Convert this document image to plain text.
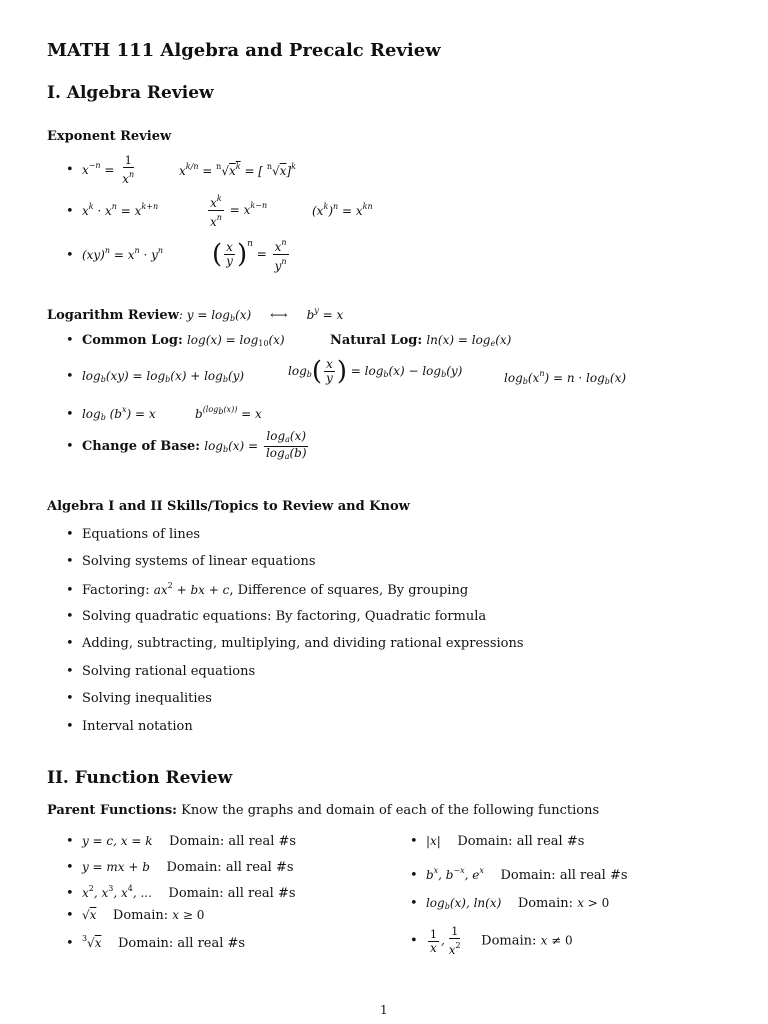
MATH 111 Algebra and Precalc Review
I. Algebra Review
Exponent Review
•  $x^{-n} = \frac{1}{x^n}$	$x^{k/n} = ^n√x^k$ = [ $^n$√x]$^k$
•  $x^k \cdot x^n = x^{k+n}$	$\frac{x^k}{x^n} = x^{k-n}$	$(x^k)^n = x^{kn}$
•  $(xy)^n = x^n \cdot y^n$ ( $\frac{x}{y} )^n = \frac{x^n}{y^n}$
Logarithm Review: $y = \log_b(x)$     ⟷     $b^y = x$
•  Common Log: $\log(x) = \log_{10}(x)$	Natural Log: $\ln(x) = \log_e(x)$
•  $\log_b(xy) = \log_b(x) + \log_b(y)$	$\log_b( \frac{x}{y}$ ) = $\log_b(x) - \log_b(y)$	$\log_b(x^n) = n \cdot \log_b(x)$
•  $\log_b (b^x) = x$	$b^{(log_b(x))} = x$
•  Change of Base: $\log_b(x) = \frac{\log_a(x)}{\log_a(b)}$
Algebra I and II Skills/Topics to Review and Know
•  Equations of lines
•  Solving systems of linear equations
•  Factoring: $ax^2$ + bx + c, Difference of squares, By grouping
•  Solving quadratic equations: By factoring, Quadratic formula
•  Adding, subtracting, multiplying, and dividing rational expressions
•  Solving rational equations
•  Solving inequalities
•  Interval notation
II. Function Review
Parent Functions: Know the graphs and domain of each of the following functions
•  y = c, x = k Domain: all real #s
•  y = mx + b Domain: all real #s
•  $x^2$, $x^3$, $x^4$, ... Domain: all real #s
•  √x Domain: x ≥ 0
•  $^3$√x Domain: all real #s
•  |x| Domain: all real #s
•  $b^x$, $b^{-x}$, $e^x$ Domain: all real #s
•  $\log_b(x)$, ln(x) Domain: x > 0
• $\frac{1}{x}$ , $\frac{1}{x^2}$ Domain: x ≠ 0
1
